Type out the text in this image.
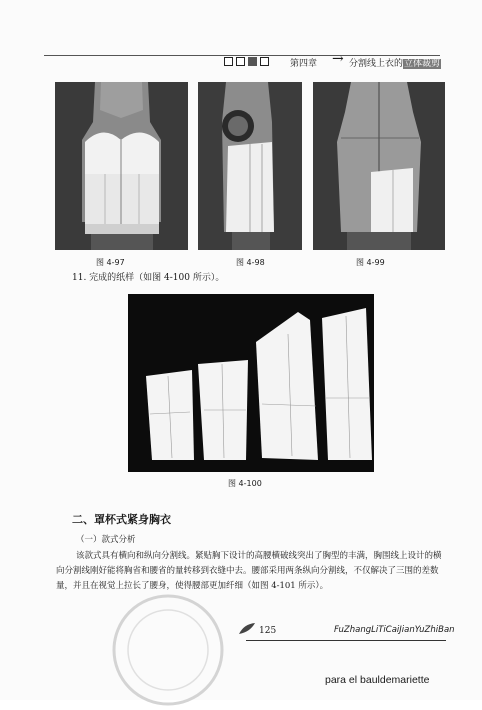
第四章 → 分割线上衣的立体裁剪
图 4-97	图 4-98	图 4-99
11. 完成的纸样（如图 4-100 所示）。
图 4-100
二、罩杯式紧身胸衣
（一）款式分析
该款式具有横向和纵向分割线。紧贴胸下设计的高腰横破线突出了胸型的丰满，胸围线上设计的横向分割线刚好能将胸省和腰省的量转移到衣缝中去。腰部采用两条纵向分割线，不仅解决了三围的差数量，并且在视觉上拉长了腰身，使得腰部更加纤细（如图 4-101 所示）。
125	FuZhangLiTiCaiJianYuZhiBan
para el bauldemariette
